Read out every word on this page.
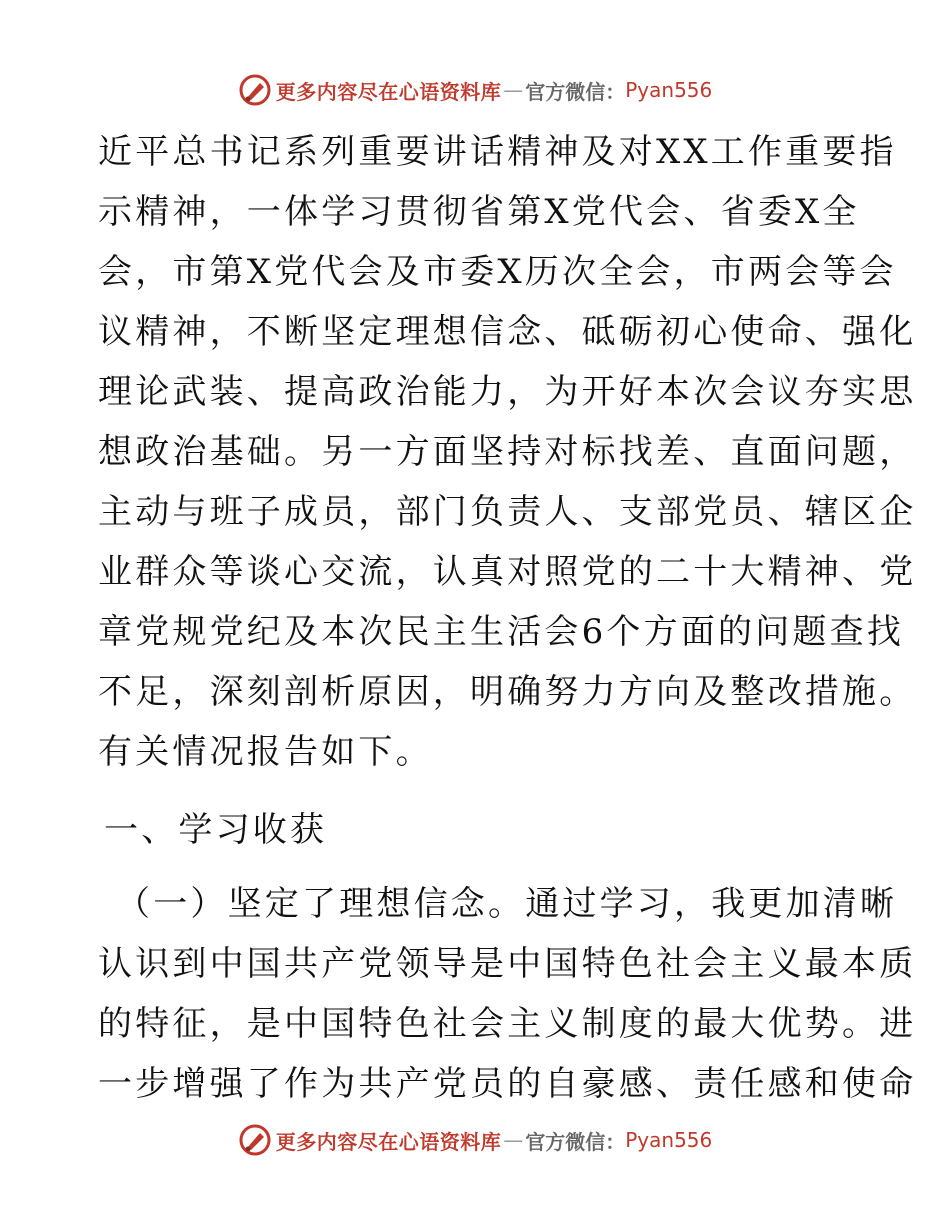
更多内容尽在心语资料库 — 官方微信： Pyan556
近平总书记系列重要讲话精神及对XX工作重要指
示精神，一体学习贯彻省第X党代会、省委X全
会，市第X党代会及市委X历次全会，市两会等会
议精神，不断坚定理想信念、砥砺初心使命、强化
理论武装、提高政治能力，为开好本次会议夯实思
想政治基础。另一方面坚持对标找差、直面问题，
主动与班子成员，部门负责人、支部党员、辖区企
业群众等谈心交流，认真对照党的二十大精神、党
章党规党纪及本次民主生活会6个方面的问题查找
不足，深刻剖析原因，明确努力方向及整改措施。
有关情况报告如下。
一、学习收获
（一）坚定了理想信念。通过学习，我更加清晰
认识到中国共产党领导是中国特色社会主义最本质
的特征，是中国特色社会主义制度的最大优势。进
一步增强了作为共产党员的自豪感、责任感和使命
更多内容尽在心语资料库 — 官方微信： Pyan556
